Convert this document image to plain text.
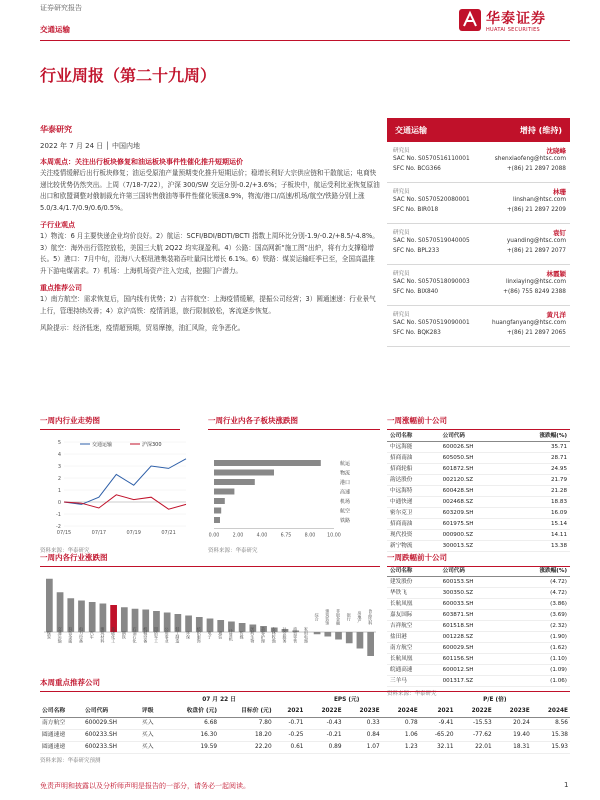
证券研究报告
交通运输
华泰证券
HUATAI SECURITIES
行业周报（第二十九周）
华泰研究
2022 年 7 月 24 日 │ 中国内地
本周观点：关注出行板块修复和油运板块事件性催化推升短期运价
关注疫情缓解后出行板块修复；油运受原油产量预期变化推升短期运价；稳增长利好大宗供应链和干散航运；电商快递比较优势仍然突出。上周（7/18-7/22），沪深 300/SW 交运分别-0.2/+3.6%；子板块中，航运受利比亚恢复原油出口和欧盟调整对俄制裁允许第三国转售俄油等事件性催化领涨8.9%，物流/港口/高速/机场/航空/铁路分别上涨5.0/3.4/1.7/0.9/0.6/0.5%。
子行业观点
1）物流：6 月主要快递企业均价良好。2）航运：SCFI/BDI/BDTI/BCTI 指数上周环比分别-1.9/-0.2/+8.5/-4.8%。3）航空：海外出行管控放松，美国三大航 2Q22 均实现盈利。4）公路：国高网新“施工图”出炉，将有力支撑稳增长。5）港口：7月中旬，沿海八大枢纽港集装箱吞吐量同比增长 6.1%。6）铁路：煤炭运输旺季已至，全国高温推升下游电煤需求。7）机场：上海机场资产注入完成，挖掘门户潜力。
重点推荐公司
1）南方航空：需求恢复后，国内线有优势；2）吉祥航空：上海疫情缓解，提振公司经营；3）圆通速递：行业景气上行，管理持续改善；4）京沪高铁：疫情消退，旅行限制放松，客流逐步恢复。
风险提示：经济低迷，疫情超预期，贸易摩擦，油汇风险，竞争恶化。
交通运输	增持 (维持)
研究员	沈晓峰
SAC No. S0570516110001
SFC No. BCG366
shenxiaofeng@htsc.com
+(86) 21 2897 2088
研究员	林珊
SAC No. S0570520080001
SFC No. BIR018
linshan@htsc.com
+(86) 21 2897 2209
研究员	袁钉
SAC No. S0570519040005
SFC No. BPL233
yuanding@htsc.com
+(86) 21 2897 2077
研究员	林霞颖
SAC No. S0570518090003
SFC No. BIX840
linxiaying@htsc.com
+(86) 755 8249 2388
研究员	黄凡洋
SAC No. S0570519090001
SFC No. BQK283
huangfanyang@htsc.com
+(86) 21 2897 2065
一周内行业走势图
-2
-1
0
1
2
3
4
5	交通运输	沪深300
07/15	07/17	07/19	07/21
资料来源：华泰研究
一周行业内各子板块涨跌图
航运
物流
港口
高速
机场
航空
铁路
0.00	2.00	4.00	6.75	8.00 10.00
资料来源：华泰研究
一周内各行业涨跌图
煤炭 交通运输 有色金属 电力设备 汽车 建筑材料 基础化工 钢铁 石油石化 机械设备 国防军工 公用事业 轻工制造 环保 纺织服饰 电子 通信 计算机 传媒 医药生物 美容护理 农林牧渔 社会服务 商贸零售 家用电器
综合 建筑装饰 非银金融 银行 房地产 食品饮料
一周涨幅前十公司
公司名称	公司代码	涨跌幅(%)
中远海能	600026.SH	35.71
招商南油	605050.SH	28.71
招商轮船	601872.SH	24.95
韵达股份	002120.SZ	21.79
中远海特	600428.SH	21.28
中通快递	002468.SZ	18.83
密尔克卫	603209.SH	16.09
招商南油	601975.SH	15.14
现代投资	000900.SZ	14.11
新宁物流	300013.SZ	13.38
一周跌幅前十公司
公司名称	公司代码	涨跌幅(%)
建发股份	600153.SH	(4.72)
华铁飞	300350.SZ	(4.72)
长航凤凰	600033.SH	(3.86)
嘉友国际	603871.SH	(3.69)
吉祥航空	601518.SH	(2.32)
盐田港	001228.SZ	(1.90)
南方航空	600029.SH	(1.62)
长航凤凰	601156.SH	(1.10)
皖通高速	600012.SH	(1.09)
三羊马	001317.SZ	(1.06)
资料来源：华泰研究
本周重点推荐公司
			07 月 22 日		EPS (元)				P/E (倍)			
公司名称	公司代码	评级	收盘价 (元)	目标价 (元)	2021	2022E	2023E	2024E	2021	2022E	2023E	2024E
南方航空	600029.SH	买入	6.68	7.80	-0.71	-0.43	0.33	0.78	-9.41	-15.53	20.24	8.56
圆通速递	600233.SH	买入	16.30	18.20	-0.25	-0.21	0.84	1.06	-65.20	-77.62	19.40	15.38
圆通速递	600233.SH	买入	19.59	22.20	0.61	0.89	1.07	1.23	32.11	22.01	18.31	15.93
资料来源：华泰研究预测
免责声明和披露以及分析师声明是报告的一部分，请务必一起阅读。	1
